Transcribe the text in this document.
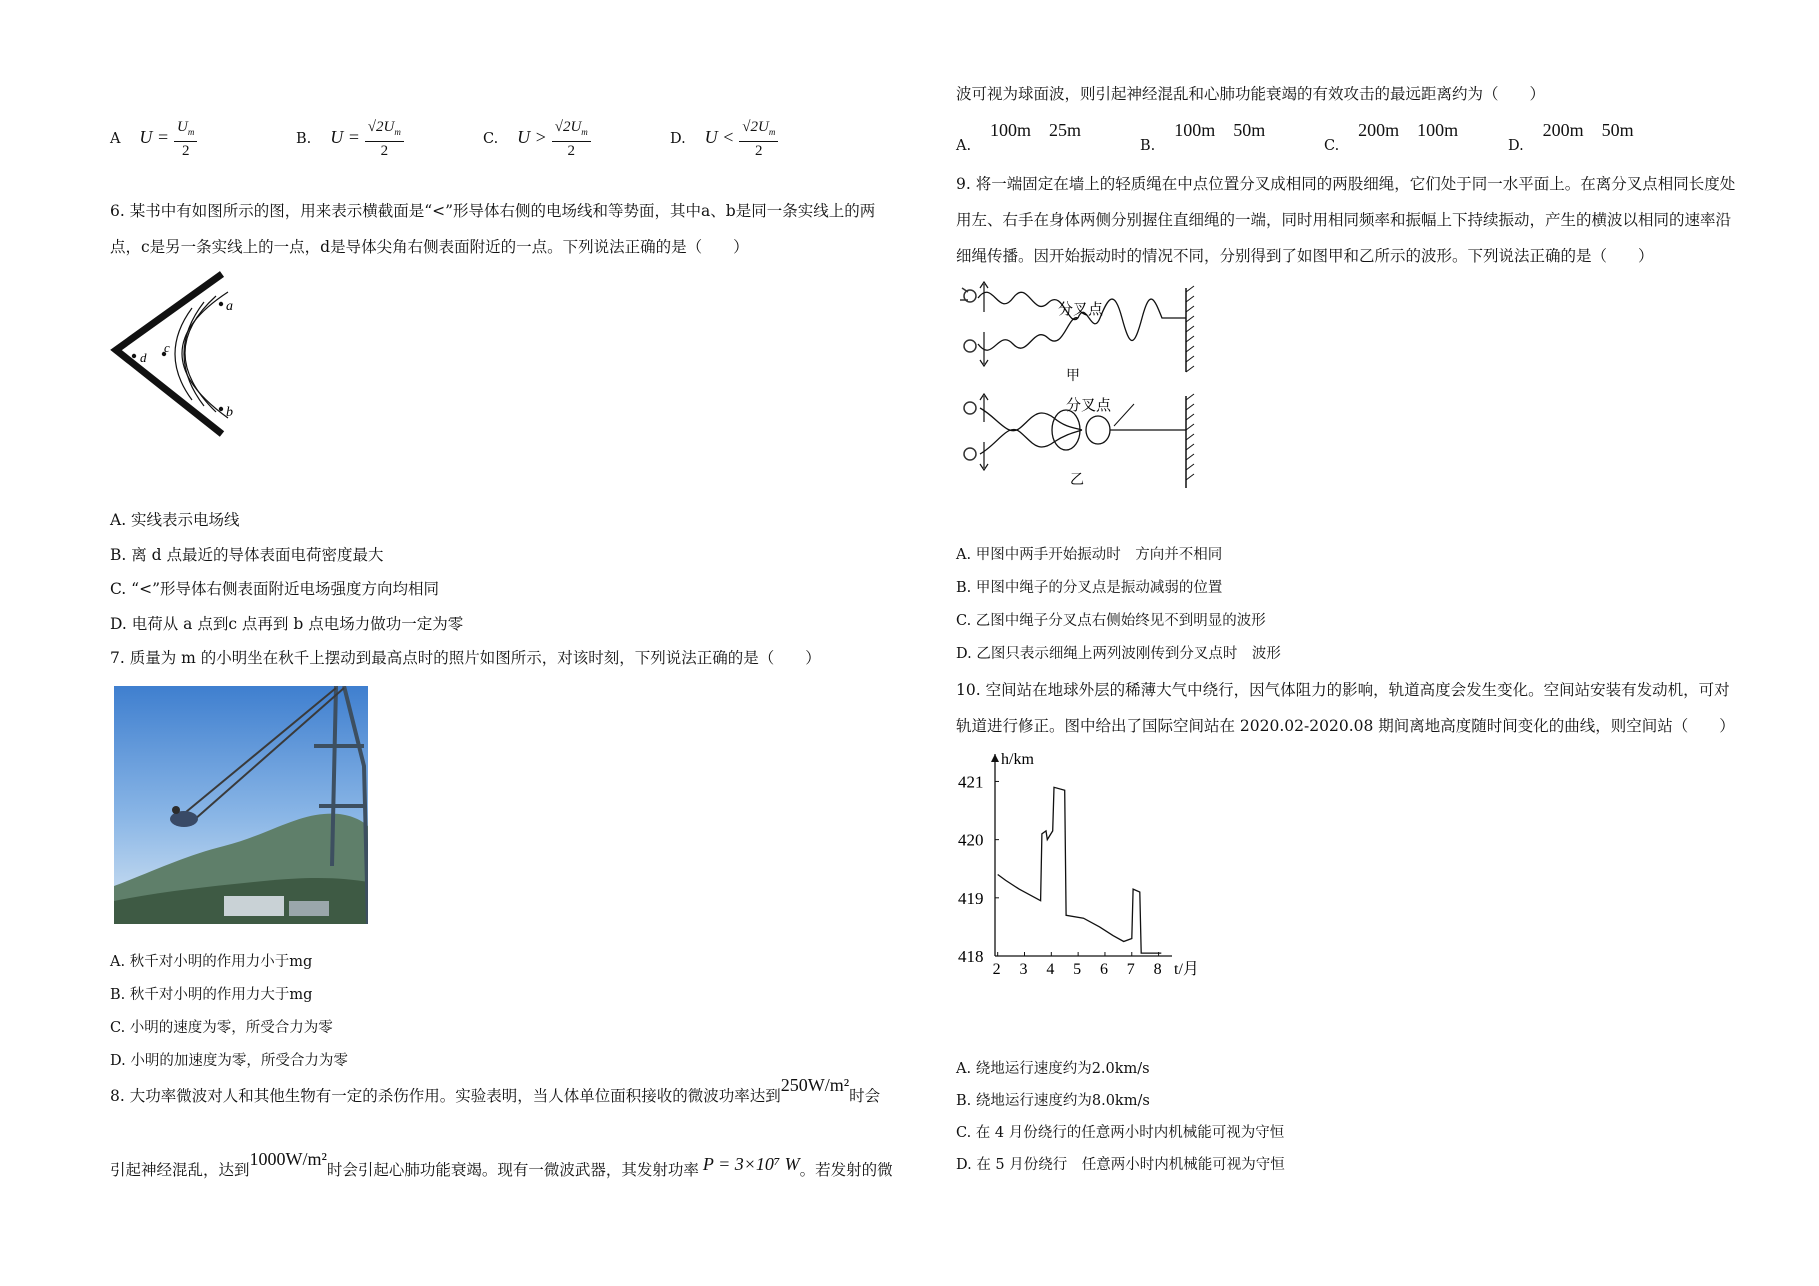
A $U = \frac{U_m}{2}$	B. $U = \frac{√2U_m}{2}$	C. $U > \frac{√2U_m}{2}$	D. $U < \frac{√2U_m}{2}$
6. 某书中有如图所示的图，用来表示横截面是“<”形导体右侧的电场线和等势面，其中a、b是同一条实线上的两
点，c是另一条实线上的一点，d是导体尖角右侧表面附近的一点。下列说法正确的是（　　）
a
b
c
d
A. 实线表示电场线
B. 离 d 点最近的导体表面电荷密度最大
C. “<”形导体右侧表面附近电场强度方向均相同
D. 电荷从 a 点到c 点再到 b 点电场力做功一定为零
7. 质量为 m 的小明坐在秋千上摆动到最高点时的照片如图所示，对该时刻，下列说法正确的是（　　）
A. 秋千对小明的作用力小于mg
B. 秋千对小明的作用力大于mg
C. 小明的速度为零，所受合力为零
D. 小明的加速度为零，所受合力为零
8. 大功率微波对人和其他生物有一定的杀伤作用。实验表明，当人体单位面积接收的微波功率达到250W/m²时会
引起神经混乱，达到1000W/m²时会引起心肺功能衰竭。现有一微波武器，其发射功率 P = 3×10⁷ W。若发射的微
波可视为球面波，则引起神经混乱和心肺功能衰竭的有效攻击的最远距离约为（　　）
A. 100m　25m
B. 100m　50m
C. 200m　100m
D. 200m　50m
9. 将一端固定在墙上的轻质绳在中点位置分叉成相同的两股细绳，它们处于同一水平面上。在离分叉点相同长度处
用左、右手在身体两侧分别握住直细绳的一端，同时用相同频率和振幅上下持续振动，产生的横波以相同的速率沿
细绳传播。因开始振动时的情况不同，分别得到了如图甲和乙所示的波形。下列说法正确的是（　　）
分叉点
甲
分叉点
乙
A. 甲图中两手开始振动时　方向并不相同
B. 甲图中绳子的分叉点是振动减弱的位置
C. 乙图中绳子分叉点右侧始终见不到明显的波形
D. 乙图只表示细绳上两列波刚传到分叉点时　波形
10. 空间站在地球外层的稀薄大气中绕行，因气体阻力的影响，轨道高度会发生变化。空间站安装有发动机，可对
轨道进行修正。图中给出了国际空间站在 2020.02-2020.08 期间离地高度随时间变化的曲线，则空间站（　　）
h/km
t/月
418
419
420
421
2 3 4 5 6 7 8
A. 绕地运行速度约为2.0km/s
B. 绕地运行速度约为8.0km/s
C. 在 4 月份绕行的任意两小时内机械能可视为守恒
D. 在 5 月份绕行　任意两小时内机械能可视为守恒
